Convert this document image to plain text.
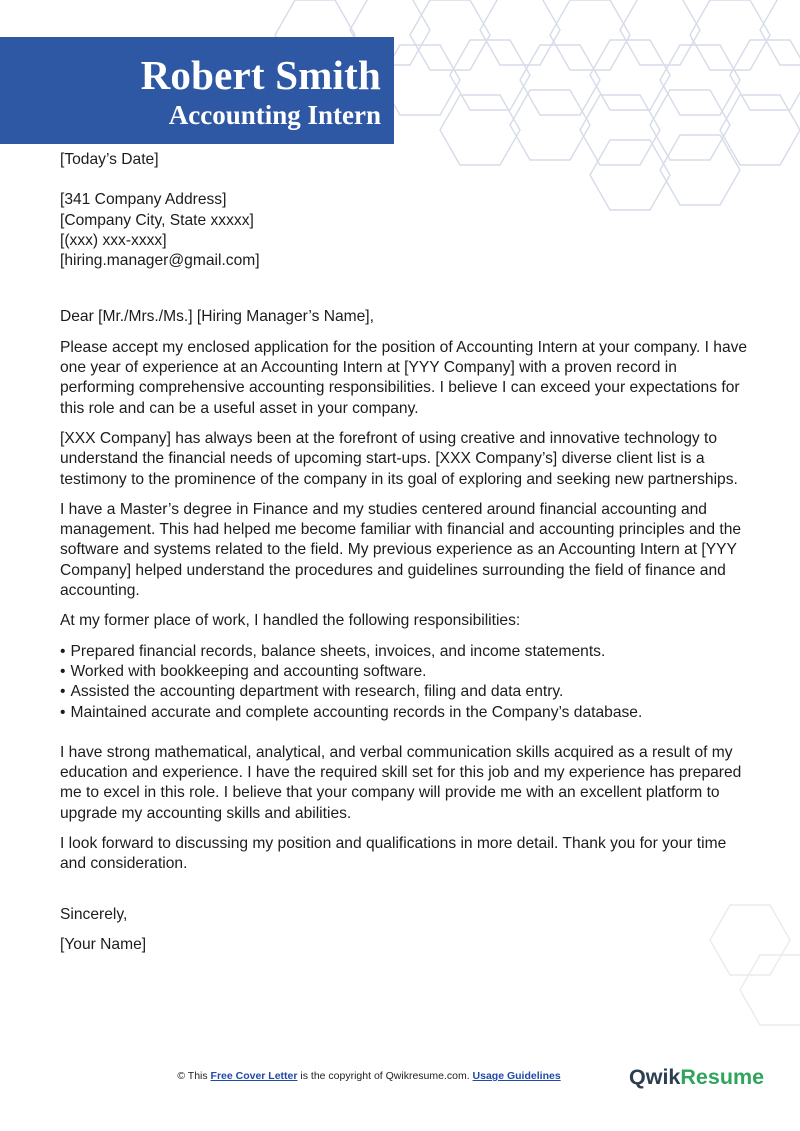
Robert Smith
Accounting Intern

[Today’s Date]

[341 Company Address]
[Company City, State xxxxx]
[(xxx) xxx-xxxx]
[hiring.manager@gmail.com]

Dear [Mr./Mrs./Ms.] [Hiring Manager’s Name],

Please accept my enclosed application for the position of Accounting Intern at your company. I have one year of experience at an Accounting Intern at [YYY Company] with a proven record in performing comprehensive accounting responsibilities. I believe I can exceed your expectations for this role and can be a useful asset in your company.

[XXX Company] has always been at the forefront of using creative and innovative technology to understand the financial needs of upcoming start-ups. [XXX Company’s] diverse client list is a testimony to the prominence of the company in its goal of exploring and seeking new partnerships.

I have a Master’s degree in Finance and my studies centered around financial accounting and management. This had helped me become familiar with financial and accounting principles and the software and systems related to the field. My previous experience as an Accounting Intern at [YYY Company] helped understand the procedures and guidelines surrounding the field of finance and accounting.

At my former place of work, I handled the following responsibilities:

• Prepared financial records, balance sheets, invoices, and income statements.
• Worked with bookkeeping and accounting software.
• Assisted the accounting department with research, filing and data entry.
• Maintained accurate and complete accounting records in the Company’s database.

I have strong mathematical, analytical, and verbal communication skills acquired as a result of my education and experience. I have the required skill set for this job and my experience has prepared me to excel in this role. I believe that your company will provide me with an excellent platform to upgrade my accounting skills and abilities.

I look forward to discussing my position and qualifications in more detail. Thank you for your time and consideration.

Sincerely,

[Your Name]

© This Free Cover Letter is the copyright of Qwikresume.com. Usage Guidelines	QwikResume
